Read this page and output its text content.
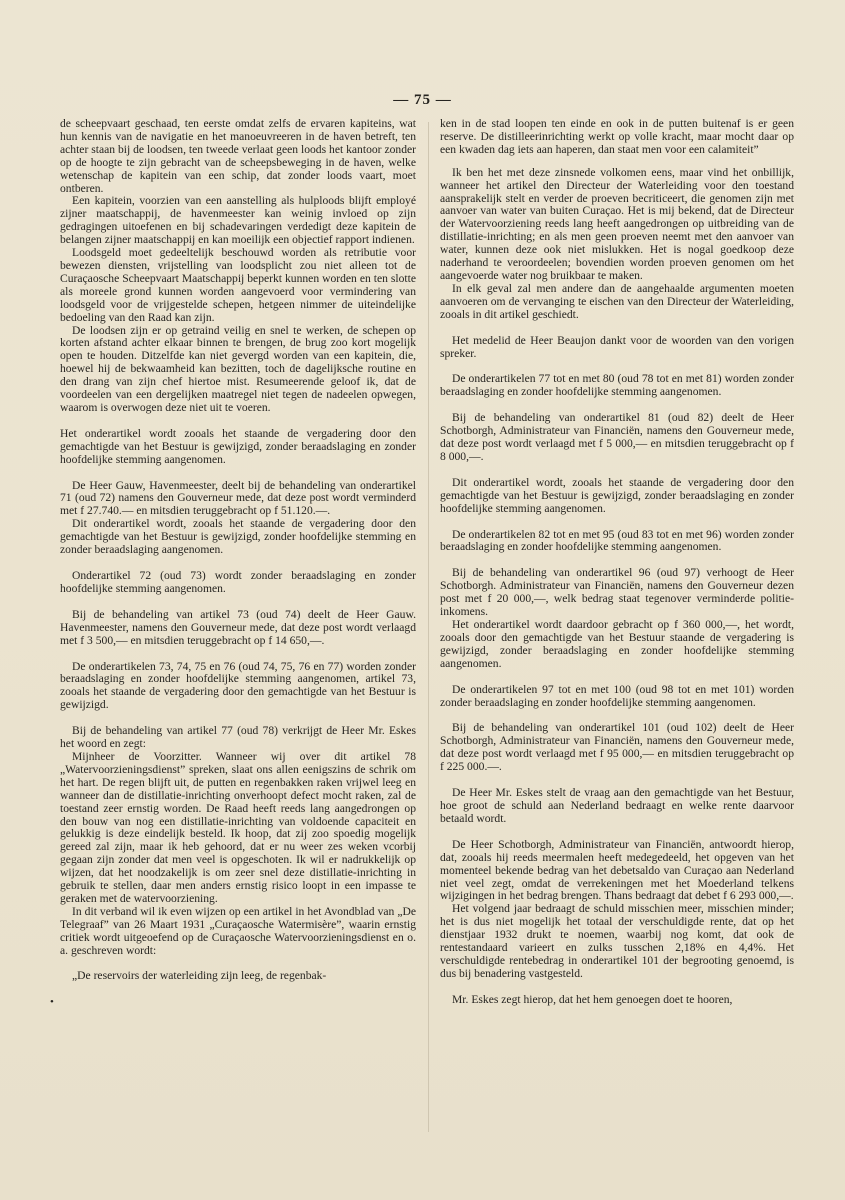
— 75 —
•

de scheepvaart geschaad, ten eerste omdat zelfs de ervaren kapiteins, wat hun kennis van de navigatie en het manoeuvreeren in de haven betreft, ten achter staan bij de loodsen, ten tweede verlaat geen loods het kantoor zonder op de hoogte te zijn gebracht van de scheepsbeweging in de haven, welke wetenschap de kapitein van een schip, dat zonder loods vaart, moet ontberen.

Een kapitein, voorzien van een aanstelling als hulploods blijft employé zijner maatschappij, de havenmeester kan weinig invloed op zijn gedragingen uitoefenen en bij schadevaringen verdedigt deze kapitein de belangen zijner maatschappij en kan moeilijk een objectief rapport indienen.

Loodsgeld moet gedeeltelijk beschouwd worden als retributie voor bewezen diensten, vrijstelling van loodsplicht zou niet alleen tot de Curaçaosche Scheepvaart Maatschappij beperkt kunnen worden en ten slotte als moreele grond kunnen worden aangevoerd voor vermindering van loodsgeld voor de vrijgestelde schepen, hetgeen nimmer de uiteindelijke bedoeling van den Raad kan zijn.

De loodsen zijn er op getraind veilig en snel te werken, de schepen op korten afstand achter elkaar binnen te brengen, de brug zoo kort mogelijk open te houden. Ditzelfde kan niet gevergd worden van een kapitein, die, hoewel hij de bekwaamheid kan bezitten, toch de dagelijksche routine en den drang van zijn chef hiertoe mist. Resumeerende geloof ik, dat de voordeelen van een dergelijken maatregel niet tegen de nadeelen opwegen, waarom is overwogen deze niet uit te voeren.

Het onderartikel wordt zooals het staande de vergadering door den gemachtigde van het Bestuur is gewijzigd, zonder beraadslaging en zonder hoofdelijke stemming aangenomen.

De Heer Gauw, Havenmeester, deelt bij de behandeling van onderartikel 71 (oud 72) namens den Gouverneur mede, dat deze post wordt verminderd met f 27.740.— en mitsdien teruggebracht op f 51.120.—.

Dit onderartikel wordt, zooals het staande de vergadering door den gemachtigde van het Bestuur is gewijzigd, zonder hoofdelijke stemming en zonder beraadslaging aangenomen.

Onderartikel 72 (oud 73) wordt zonder beraadslaging en zonder hoofdelijke stemming aangenomen.

Bij de behandeling van artikel 73 (oud 74) deelt de Heer Gauw. Havenmeester, namens den Gouverneur mede, dat deze post wordt verlaagd met f 3 500,— en mitsdien teruggebracht op f 14 650,—.

De onderartikelen 73, 74, 75 en 76 (oud 74, 75, 76 en 77) worden zonder beraadslaging en zonder hoofdelijke stemming aangenomen, artikel 73, zooals het staande de vergadering door den gemachtigde van het Bestuur is gewijzigd.

Bij de behandeling van artikel 77 (oud 78) verkrijgt de Heer Mr. Eskes het woord en zegt:

Mijnheer de Voorzitter. Wanneer wij over dit artikel 78 „Watervoorzieningsdienst” spreken, slaat ons allen eenigszins de schrik om het hart. De regen blijft uit, de putten en regenbakken raken vrijwel leeg en wanneer dan de distillatie-inrichting onverhoopt defect mocht raken, zal de toestand zeer ernstig worden. De Raad heeft reeds lang aangedrongen op den bouw van nog een distillatie-inrichting van voldoende capaciteit en gelukkig is deze eindelijk besteld. Ik hoop, dat zij zoo spoedig mogelijk gereed zal zijn, maar ik heb gehoord, dat er nu weer zes weken vcorbij gegaan zijn zonder dat men veel is opgeschoten. Ik wil er nadrukkelijk op wijzen, dat het noodzakelijk is om zeer snel deze distillatie-inrichting in gebruik te stellen, daar men anders ernstig risico loopt in een impasse te geraken met de watervoorziening.

In dit verband wil ik even wijzen op een artikel in het Avondblad van „De Telegraaf” van 26 Maart 1931 „Curaçaosche Watermisère”, waarin ernstig critiek wordt uitgeoefend op de Curaçaosche Watervoorzieningsdienst en o. a. geschreven wordt:

„De reservoirs der waterleiding zijn leeg, de regenbak-

ken in de stad loopen ten einde en ook in de putten buitenaf is er geen reserve. De distilleerinrichting werkt op volle kracht, maar mocht daar op een kwaden dag iets aan haperen, dan staat men voor een calamiteit”

Ik ben het met deze zinsnede volkomen eens, maar vind het onbillijk, wanneer het artikel den Directeur der Waterleiding voor den toestand aansprakelijk stelt en verder de proeven becriticeert, die genomen zijn met aanvoer van water van buiten Curaçao. Het is mij bekend, dat de Directeur der Watervoorziening reeds lang heeft aangedrongen op uitbreiding van de distillatie-inrichting; en als men geen proeven neemt met den aanvoer van water, kunnen deze ook niet mislukken. Het is nogal goedkoop deze naderhand te veroordeelen; bovendien worden proeven genomen om het aangevoerde water nog bruikbaar te maken.

In elk geval zal men andere dan de aangehaalde argumenten moeten aanvoeren om de vervanging te eischen van den Directeur der Waterleiding, zooals in dit artikel geschiedt.

Het medelid de Heer Beaujon dankt voor de woorden van den vorigen spreker.

De onderartikelen 77 tot en met 80 (oud 78 tot en met 81) worden zonder beraadslaging en zonder hoofdelijke stemming aangenomen.

Bij de behandeling van onderartikel 81 (oud 82) deelt de Heer Schotborgh, Administrateur van Financiën, namens den Gouverneur mede, dat deze post wordt verlaagd met f 5 000,— en mitsdien teruggebracht op f 8 000,—.

Dit onderartikel wordt, zooals het staande de vergadering door den gemachtigde van het Bestuur is gewijzigd, zonder beraadslaging en zonder hoofdelijke stemming aangenomen.

De onderartikelen 82 tot en met 95 (oud 83 tot en met 96) worden zonder beraadslaging en zonder hoofdelijke stemming aangenomen.

Bij de behandeling van onderartikel 96 (oud 97) verhoogt de Heer Schotborgh. Administrateur van Financiën, namens den Gouverneur dezen post met f 20 000,—, welk bedrag staat tegenover verminderde politie-inkomens.

Het onderartikel wordt daardoor gebracht op f 360 000,—, het wordt, zooals door den gemachtigde van het Bestuur staande de vergadering is gewijzigd, zonder beraadslaging en zonder hoofdelijke stemming aangenomen.

De onderartikelen 97 tot en met 100 (oud 98 tot en met 101) worden zonder beraadslaging en zonder hoofdelijke stemming aangenomen.

Bij de behandeling van onderartikel 101 (oud 102) deelt de Heer Schotborgh, Administrateur van Financiën, namens den Gouverneur mede, dat deze post wordt verlaagd met f 95 000,— en mitsdien teruggebracht op f 225 000.—.

De Heer Mr. Eskes stelt de vraag aan den gemachtigde van het Bestuur, hoe groot de schuld aan Nederland bedraagt en welke rente daarvoor betaald wordt.

De Heer Schotborgh, Administrateur van Financiën, antwoordt hierop, dat, zooals hij reeds meermalen heeft medegedeeld, het opgeven van het momenteel bekende bedrag van het debetsaldo van Curaçao aan Nederland niet veel zegt, omdat de verrekeningen met het Moederland telkens wijzigingen in het bedrag brengen. Thans bedraagt dat debet f 6 293 000,—.

Het volgend jaar bedraagt de schuld misschien meer, misschien minder; het is dus niet mogelijk het totaal der verschuldigde rente, dat op het dienstjaar 1932 drukt te noemen, waarbij nog komt, dat ook de rentestandaard varieert en zulks tusschen 2,18% en 4,4%. Het verschuldigde rentebedrag in onderartikel 101 der begrooting genoemd, is dus bij benadering vastgesteld.

Mr. Eskes zegt hierop, dat het hem genoegen doet te hooren,
